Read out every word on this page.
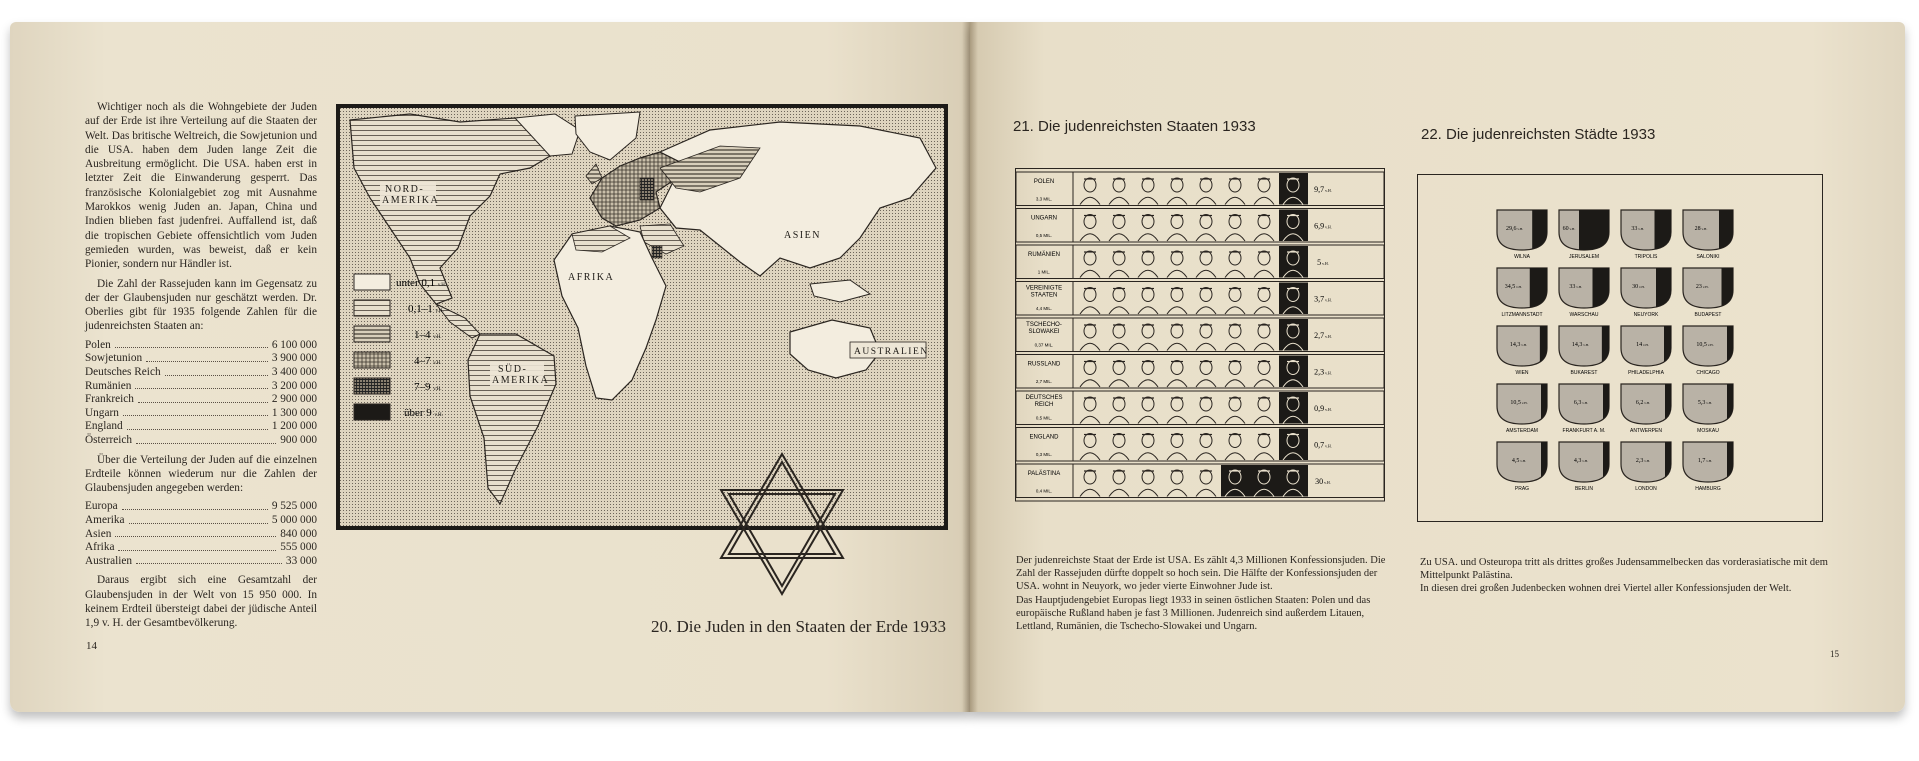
Wichtiger noch als die Wohngebiete der Juden auf der Erde ist ihre Verteilung auf die Staaten der Welt. Das britische Weltreich, die Sowjetunion und die USA. haben dem Juden lange Zeit die Ausbreitung ermöglicht. Die USA. haben erst in letzter Zeit die Einwanderung gesperrt. Das französische Kolonialgebiet zog mit Ausnahme Marokkos wenig Juden an. Japan, China und Indien blieben fast judenfrei. Auffallend ist, daß die tropischen Gebiete offensichtlich vom Juden gemieden wurden, was beweist, daß er kein Pionier, sondern nur Händler ist.

Die Zahl der Rassejuden kann im Gegensatz zu der der Glaubensjuden nur geschätzt werden. Dr. Oberlies gibt für 1935 folgende Zahlen für die judenreichsten Staaten an:

Polen	6 100 000
Sowjetunion	3 900 000
Deutsches Reich	3 400 000
Rumänien	3 200 000
Frankreich	2 900 000
Ungarn	1 300 000
England	1 200 000
Österreich	900 000

Über die Verteilung der Juden auf die einzelnen Erdteile können wiederum nur die Zahlen der Glaubensjuden angegeben werden:

Europa	9 525 000
Amerika	5 000 000
Asien	840 000
Afrika	555 000
Australien	33 000

Daraus ergibt sich eine Gesamtzahl der Glaubensjuden in der Welt von 15 950 000. In keinem Erdteil übersteigt dabei der jüdische Anteil 1,9 v. H. der Gesamtbevölkerung.

14
unter 0,1 v.H.
0,1–1 v.H.
1–4 v.H.
4–7 v.H.
7–9 v.H.
über 9 v.H.
NORD-
AMERIKA
SÜD-
AMERIKA
AFRIKA
ASIEN
AUSTRALIEN
20. Die Juden in den Staaten der Erde 1933
21. Die judenreichsten Staaten 1933	22. Die judenreichsten Städte 1933
POLEN
3,3 MIL.
9,7 v.H.
UNGARN
0,5 MIL.
6,9 v.H.
RUMÄNIEN
1 MIL.
5 v.H.
VEREINIGTE
STAATEN
4,4 MIL.
3,7 v.H.
TSCHECHO-
SLOWAKEI
0,37 MIL.
2,7 v.H.
RUSSLAND
2,7 MIL.
2,3 v.H.
DEUTSCHES
REICH
0,5 MIL.
0,9 v.H.
ENGLAND
0,3 MIL.
0,7 v.H.
PALÄSTINA
0,4 MIL.
30 v.H.
29,6 v.H.
WILNA
60 v.H.
JERUSALEM
33 v.H.
TRIPOLIS
28 v.H.
SALONIKI
34,5 v.H.
LITZMANNSTADT
33 v.H.
WARSCHAU
30 v.H.
NEUYORK
23 v.H.
BUDAPEST
14,3 v.H.
WIEN
14,3 v.H.
BUKAREST
14 v.H.
PHILADELPHIA
10,5 v.H.
CHICAGO
10,5 v.H.
AMSTERDAM
6,3 v.H.
FRANKFURT A. M.
6,2 v.H.
ANTWERPEN
5,3 v.H.
MOSKAU
4,5 v.H.
PRAG
4,3 v.H.
BERLIN
2,3 v.H.
LONDON
1,7 v.H.
HAMBURG

Der judenreichste Staat der Erde ist USA. Es zählt 4,3 Millionen Konfessionsjuden. Die Zahl der Rassejuden dürfte doppelt so hoch sein. Die Hälfte der Konfessionsjuden der USA. wohnt in Neuyork, wo jeder vierte Einwohner Jude ist.

Das Hauptjudengebiet Europas liegt 1933 in seinen östlichen Staaten: Polen und das europäische Rußland haben je fast 3 Millionen. Judenreich sind außerdem Litauen, Lettland, Rumänien, die Tschecho-Slowakei und Ungarn.

Zu USA. und Osteuropa tritt als drittes großes Judensammelbecken das vorderasiatische mit dem Mittelpunkt Palästina.

In diesen drei großen Judenbecken wohnen drei Viertel aller Konfessionsjuden der Welt.

15
